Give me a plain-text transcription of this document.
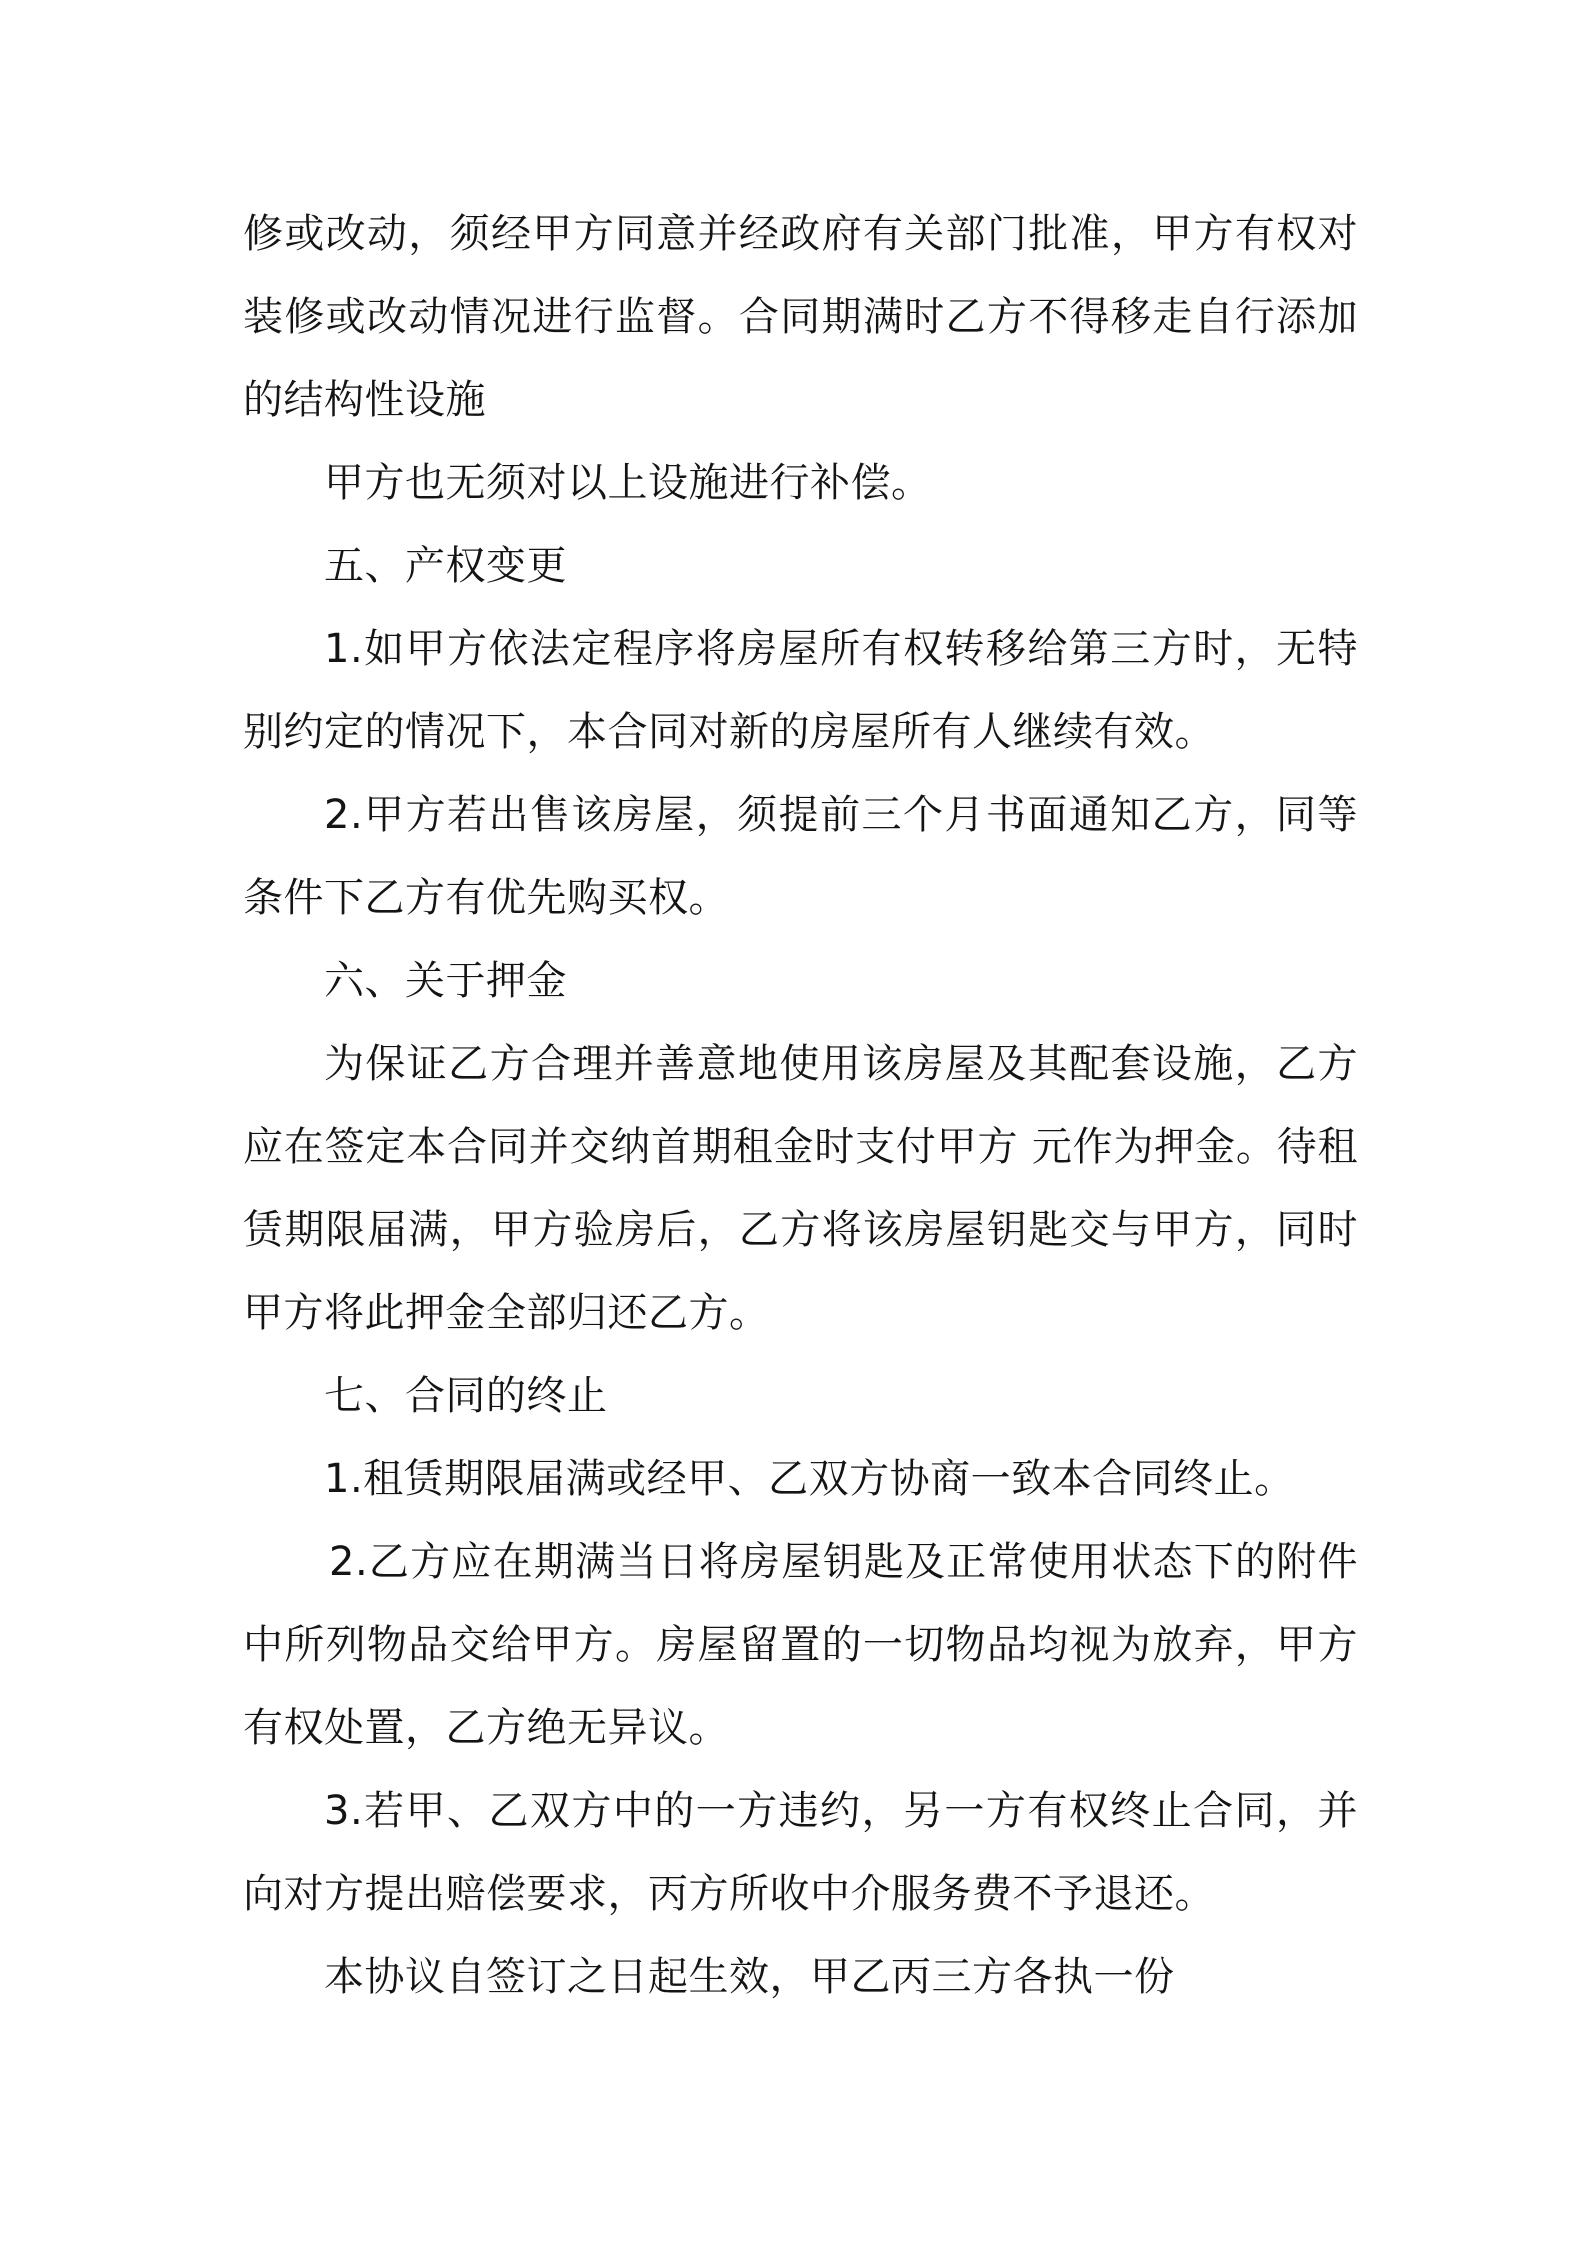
修或改动，须经甲方同意并经政府有关部门批准，甲方有权对装修或改动情况进行监督。合同期满时乙方不得移走自行添加的结构性设施

甲方也无须对以上设施进行补偿。

五、产权变更

1.如甲方依法定程序将房屋所有权转移给第三方时，无特别约定的情况下，本合同对新的房屋所有人继续有效。

2.甲方若出售该房屋，须提前三个月书面通知乙方，同等条件下乙方有优先购买权。

六、关于押金

为保证乙方合理并善意地使用该房屋及其配套设施，乙方应在签定本合同并交纳首期租金时支付甲方 元作为押金。待租赁期限届满，甲方验房后，乙方将该房屋钥匙交与甲方，同时甲方将此押金全部归还乙方。

七、合同的终止

1.租赁期限届满或经甲、乙双方协商一致本合同终止。

2.乙方应在期满当日将房屋钥匙及正常使用状态下的附件中所列物品交给甲方。房屋留置的一切物品均视为放弃，甲方有权处置，乙方绝无异议。

3.若甲、乙双方中的一方违约，另一方有权终止合同，并向对方提出赔偿要求，丙方所收中介服务费不予退还。

本协议自签订之日起生效，甲乙丙三方各执一份
